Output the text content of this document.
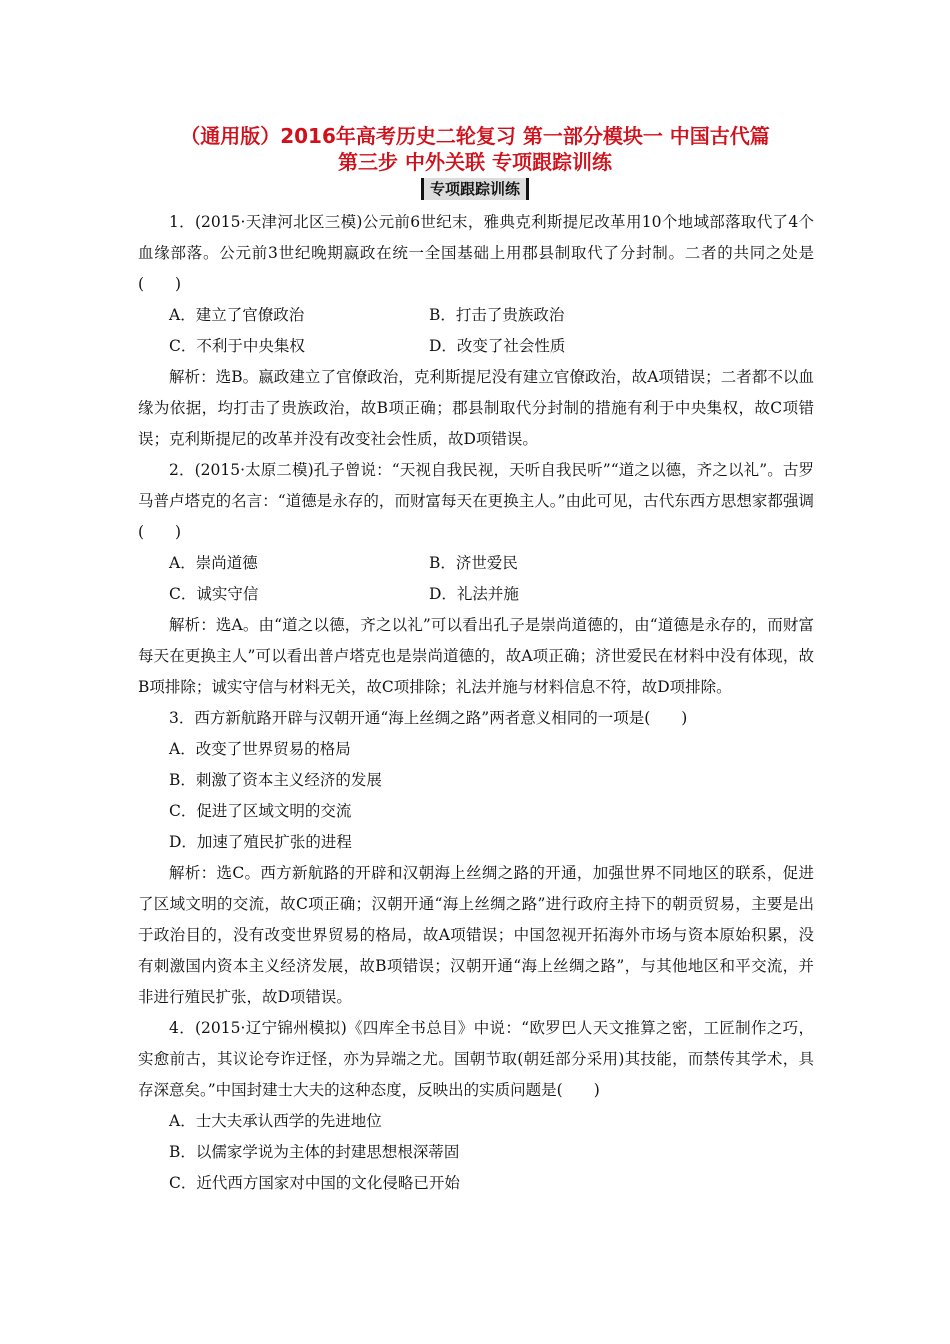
（通用版）2016年高考历史二轮复习 第一部分模块一 中国古代篇
第三步 中外关联 专项跟踪训练
专项跟踪训练

1．(2015·天津河北区三模)公元前6世纪末，雅典克利斯提尼改革用10个地域部落取代了4个血缘部落。公元前3世纪晚期嬴政在统一全国基础上用郡县制取代了分封制。二者的共同之处是(　　)

A．建立了官僚政治	B．打击了贵族政治
C．不利于中央集权	D．改变了社会性质

解析：选B。嬴政建立了官僚政治，克利斯提尼没有建立官僚政治，故A项错误；二者都不以血缘为依据，均打击了贵族政治，故B项正确；郡县制取代分封制的措施有利于中央集权，故C项错误；克利斯提尼的改革并没有改变社会性质，故D项错误。

2．(2015·太原二模)孔子曾说：“天视自我民视，天听自我民听”“道之以德，齐之以礼”。古罗马普卢塔克的名言：“道德是永存的，而财富每天在更换主人。”由此可见，古代东西方思想家都强调(　　)

A．崇尚道德	B．济世爱民
C．诚实守信	D．礼法并施

解析：选A。由“道之以德，齐之以礼”可以看出孔子是崇尚道德的，由“道德是永存的，而财富每天在更换主人”可以看出普卢塔克也是崇尚道德的，故A项正确；济世爱民在材料中没有体现，故B项排除；诚实守信与材料无关，故C项排除；礼法并施与材料信息不符，故D项排除。

3．西方新航路开辟与汉朝开通“海上丝绸之路”两者意义相同的一项是(　　)

A．改变了世界贸易的格局

B．刺激了资本主义经济的发展

C．促进了区域文明的交流

D．加速了殖民扩张的进程

解析：选C。西方新航路的开辟和汉朝海上丝绸之路的开通，加强世界不同地区的联系，促进了区域文明的交流，故C项正确；汉朝开通“海上丝绸之路”进行政府主持下的朝贡贸易，主要是出于政治目的，没有改变世界贸易的格局，故A项错误；中国忽视开拓海外市场与资本原始积累，没有刺激国内资本主义经济发展，故B项错误；汉朝开通“海上丝绸之路”，与其他地区和平交流，并非进行殖民扩张，故D项错误。

4．(2015·辽宁锦州模拟)《四库全书总目》中说：“欧罗巴人天文推算之密，工匠制作之巧，实愈前古，其议论夸诈迂怪，亦为异端之尤。国朝节取(朝廷部分采用)其技能，而禁传其学术，具存深意矣。”中国封建士大夫的这种态度，反映出的实质问题是(　　)

A．士大夫承认西学的先进地位

B．以儒家学说为主体的封建思想根深蒂固

C．近代西方国家对中国的文化侵略已开始
